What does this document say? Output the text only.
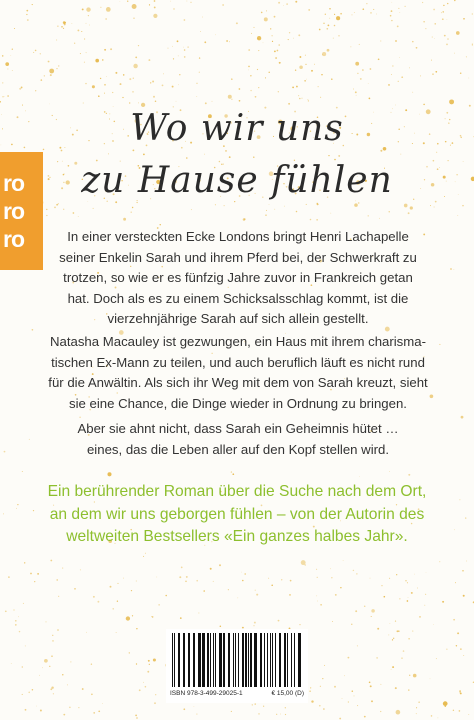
Wo wir uns
zu Hause fühlen
ro
ro
ro	In einer versteckten Ecke Londons bringt Henri Lachapelle
seiner Enkelin Sarah und ihrem Pferd bei, der Schwerkraft zu
trotzen, so wie er es fünfzig Jahre zuvor in Frankreich getan
hat. Doch als es zu einem Schicksalsschlag kommt, ist die
vierzehnjährige Sarah auf sich allein gestellt.

Natasha Macauley ist gezwungen, ein Haus mit ihrem charisma-
tischen Ex-Mann zu teilen, und auch beruflich läuft es nicht rund
für die Anwältin. Als sich ihr Weg mit dem von Sarah kreuzt, sieht
sie eine Chance, die Dinge wieder in Ordnung zu bringen.

Aber sie ahnt nicht, dass Sarah ein Geheimnis hütet …
eines, das die Leben aller auf den Kopf stellen wird.

Ein berührender Roman über die Suche nach dem Ort,
an dem wir uns geborgen fühlen – von der Autorin des
weltweiten Bestsellers «Ein ganzes halbes Jahr».

ISBN 978-3-499-29025-1	€ 15,00 (D)
